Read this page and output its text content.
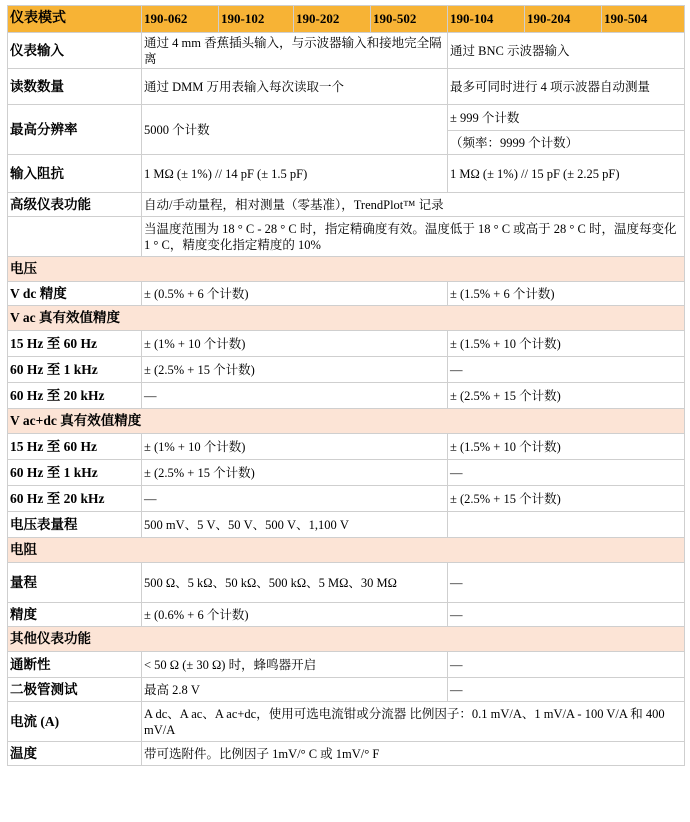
仪表模式	190-062	190-102	190-202	190-502	190-104	190-204	190-504
仪表输入	通过 4 mm 香蕉插头输入，与示波器输入和接地完全隔离				通过 BNC 示波器输入		
读数数量	通过 DMM 万用表输入每次读取一个				最多可同时进行 4 项示波器自动测量		
最高分辨率	5000 个计数				± 999 个计数		
					（频率：9999 个计数）		
输入阻抗	1 MΩ (± 1%) // 14 pF (± 1.5 pF)				1 MΩ (± 1%) // 15 pF (± 2.25 pF)		
高级仪表功能	自动/手动量程，相对测量（零基准），TrendPlot™ 记录						
	当温度范围为 18 ° C - 28 ° C 时，指定精确度有效。温度低于 18 ° C 或高于 28 ° C 时，温度每变化 1 ° C，精度变化指定精度的 10%						
电压							
V dc 精度	± (0.5% + 6 个计数)				± (1.5% + 6 个计数)		
V ac 真有效值精度							
15 Hz 至 60 Hz	± (1% + 10 个计数)				± (1.5% + 10 个计数)		
60 Hz 至 1 kHz	± (2.5% + 15 个计数)				—		
60 Hz 至 20 kHz	—				± (2.5% + 15 个计数)		
V ac+dc 真有效值精度							
15 Hz 至 60 Hz	± (1% + 10 个计数)				± (1.5% + 10 个计数)		
60 Hz 至 1 kHz	± (2.5% + 15 个计数)				—		
60 Hz 至 20 kHz	—				± (2.5% + 15 个计数)		
电压表量程	500 mV、5 V、50 V、500 V、1,100 V						
电阻							
量程	500 Ω、5 kΩ、50 kΩ、500 kΩ、5 MΩ、30 MΩ				—		
精度	± (0.6% + 6 个计数)				—		
其他仪表功能							
通断性	< 50 Ω (± 30 Ω) 时，蜂鸣器开启				—		
二极管测试	最高 2.8 V				—		
电流 (A)	A dc、A ac、A ac+dc，使用可选电流钳或分流器 比例因子：0.1 mV/A、1 mV/A - 100 V/A 和 400 mV/A						
温度	带可选附件。比例因子 1mV/° C 或 1mV/° F						
